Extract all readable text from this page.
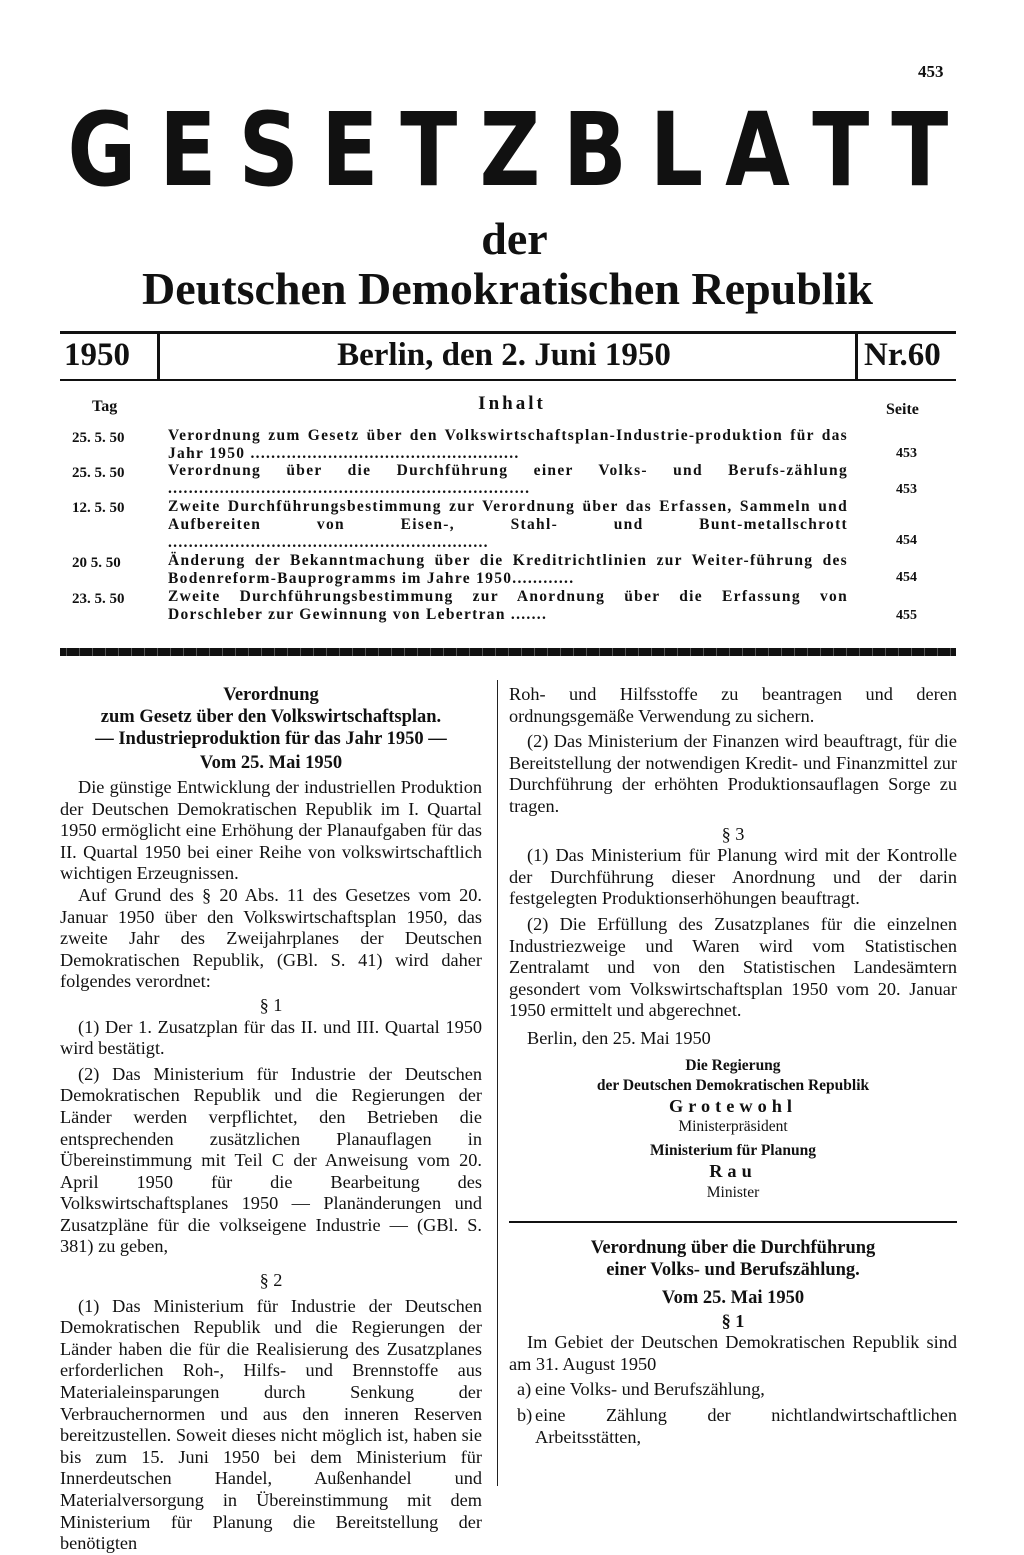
453
G E S E T Z B L A T T
der
Deutschen Demokratischen Republik
1950	Berlin, den 2. Juni 1950	Nr.60
Tag	Inhalt	Seite
25. 5. 50	Verordnung zum Gesetz über den Volkswirtschaftsplan-Industrie-produktion für das Jahr 1950 ....................................................	453
25. 5. 50	Verordnung über die Durchführung einer Volks- und Berufs-zählung ......................................................................	453
12. 5. 50	Zweite Durchführungsbestimmung zur Verordnung über das Erfassen, Sammeln und Aufbereiten von Eisen-, Stahl- und Bunt-metallschrott ..............................................................	454
20 5. 50	Änderung der Bekanntmachung über die Kreditrichtlinien zur Weiter-führung des Bodenreform-Bauprogramms im Jahre 1950............	454
23. 5. 50	Zweite Durchführungsbestimmung zur Anordnung über die Erfassung von Dorschleber zur Gewinnung von Lebertran .......	455
Verordnung
zum Gesetz über den Volkswirtschaftsplan.
— Industrieproduktion für das Jahr 1950 —
Vom 25. Mai 1950

Die günstige Entwicklung der industriellen Produktion der Deutschen Demokratischen Republik im I. Quartal 1950 ermöglicht eine Erhöhung der Planaufgaben für das II. Quartal 1950 bei einer Reihe von volkswirtschaftlich wichtigen Erzeugnissen.

Auf Grund des § 20 Abs. 11 des Gesetzes vom 20. Januar 1950 über den Volkswirtschaftsplan 1950, das zweite Jahr des Zweijahrplanes der Deutschen Demokratischen Republik, (GBl. S. 41) wird daher folgendes verordnet:

§ 1

(1) Der 1. Zusatzplan für das II. und III. Quartal 1950 wird bestätigt.

(2) Das Ministerium für Industrie der Deutschen Demokratischen Republik und die Regierungen der Länder werden verpflichtet, den Betrieben die entsprechenden zusätzlichen Planauflagen in Übereinstimmung mit Teil C der Anweisung vom 20. April 1950 für die Bearbeitung des Volkswirtschaftsplanes 1950 — Planänderungen und Zusatzpläne für die volkseigene Industrie — (GBl. S. 381) zu geben,

§ 2

(1) Das Ministerium für Industrie der Deutschen Demokratischen Republik und die Regierungen der Länder haben die für die Realisierung des Zusatzplanes erforderlichen Roh-, Hilfs- und Brennstoffe aus Materialeinsparungen durch Senkung der Verbrauchernormen und aus den inneren Reserven bereitzustellen. Soweit dieses nicht möglich ist, haben sie bis zum 15. Juni 1950 bei dem Ministerium für Innerdeutschen Handel, Außenhandel und Materialversorgung in Übereinstimmung mit dem Ministerium für Planung die Bereitstellung der benötigten

Roh- und Hilfsstoffe zu beantragen und deren ordnungsgemäße Verwendung zu sichern.

(2) Das Ministerium der Finanzen wird beauftragt, für die Bereitstellung der notwendigen Kredit- und Finanzmittel zur Durchführung der erhöhten Produktionsauflagen Sorge zu tragen.

§ 3

(1) Das Ministerium für Planung wird mit der Kontrolle der Durchführung dieser Anordnung und der darin festgelegten Produktionserhöhungen beauftragt.

(2) Die Erfüllung des Zusatzplanes für die einzelnen Industriezweige und Waren wird vom Statistischen Zentralamt und von den Statistischen Landesämtern gesondert vom Volkswirtschaftsplan 1950 vom 20. Januar 1950 ermittelt und abgerechnet.

Berlin, den 25. Mai 1950

Die Regierung
der Deutschen Demokratischen Republik
Grotewohl
Ministerpräsident
Ministerium für Planung
Rau
Minister
Verordnung über die Durchführung
einer Volks- und Berufszählung.
Vom 25. Mai 1950
§ 1

Im Gebiet der Deutschen Demokratischen Republik sind am 31. August 1950

a) eine Volks- und Berufszählung,
b) eine Zählung der nichtlandwirtschaftlichen Arbeitsstätten,
